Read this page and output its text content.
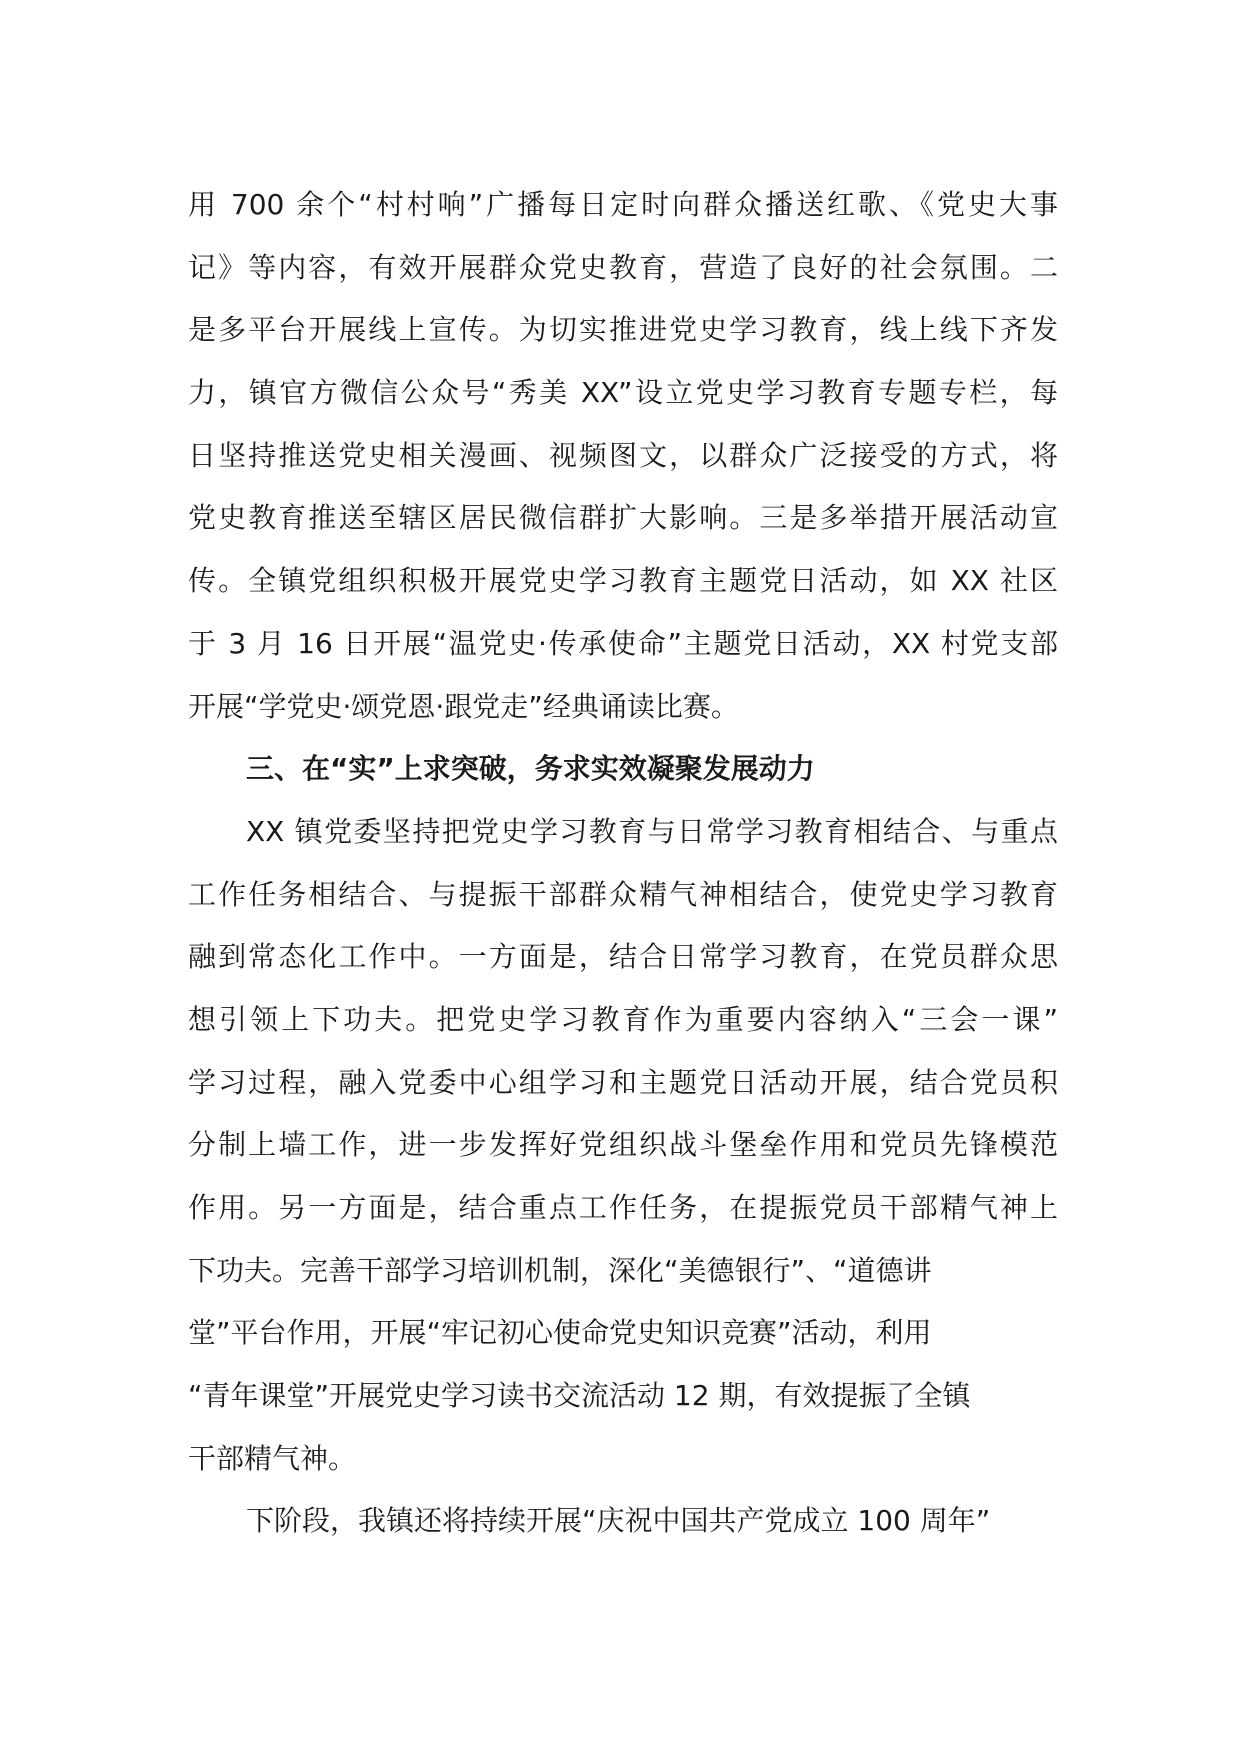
用 700 余个“村村响”广播每日定时向群众播送红歌、《党史大事
记》等内容，有效开展群众党史教育，营造了良好的社会氛围。二
是多平台开展线上宣传。为切实推进党史学习教育，线上线下齐发
力，镇官方微信公众号“秀美 XX”设立党史学习教育专题专栏，每
日坚持推送党史相关漫画、视频图文，以群众广泛接受的方式，将
党史教育推送至辖区居民微信群扩大影响。三是多举措开展活动宣
传。全镇党组织积极开展党史学习教育主题党日活动，如 XX 社区
于 3 月 16 日开展“温党史·传承使命”主题党日活动，XX 村党支部
开展“学党史·颂党恩·跟党走”经典诵读比赛。
三、在“实”上求突破，务求实效凝聚发展动力
XX 镇党委坚持把党史学习教育与日常学习教育相结合、与重点
工作任务相结合、与提振干部群众精气神相结合，使党史学习教育
融到常态化工作中。一方面是，结合日常学习教育，在党员群众思
想引领上下功夫。把党史学习教育作为重要内容纳入“三会一课”
学习过程，融入党委中心组学习和主题党日活动开展，结合党员积
分制上墙工作，进一步发挥好党组织战斗堡垒作用和党员先锋模范
作用。另一方面是，结合重点工作任务，在提振党员干部精气神上
下功夫。完善干部学习培训机制，深化“美德银行”、“道德讲
堂”平台作用，开展“牢记初心使命党史知识竞赛”活动，利用
“青年课堂”开展党史学习读书交流活动 12 期，有效提振了全镇
干部精气神。
下阶段，我镇还将持续开展“庆祝中国共产党成立 100 周年”
